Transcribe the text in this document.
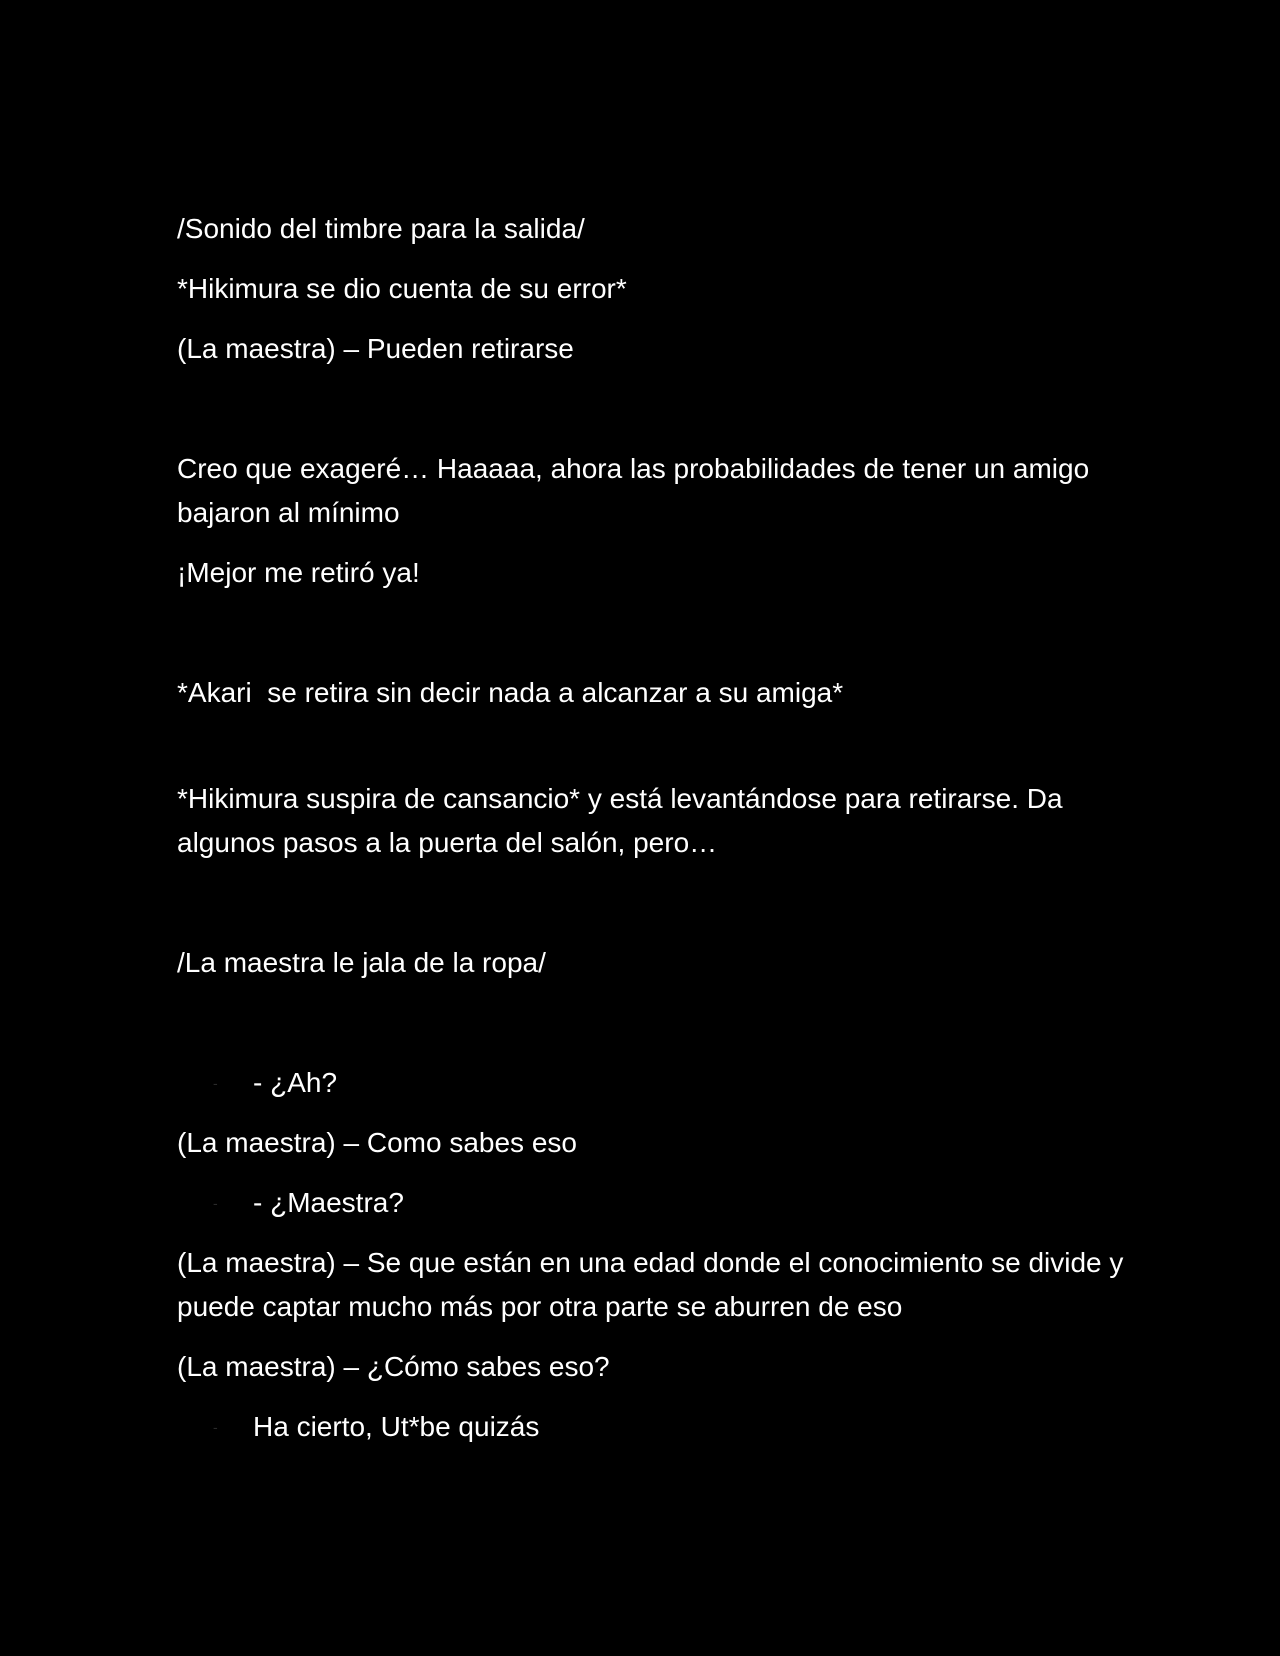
/Sonido del timbre para la salida/

*Hikimura se dio cuenta de su error*

(La maestra) – Pueden retirarse

Creo que exageré… Haaaaa, ahora las probabilidades de tener un amigo bajaron al mínimo

¡Mejor me retiró ya!

*Akari  se retira sin decir nada a alcanzar a su amiga*

*Hikimura suspira de cansancio* y está levantándose para retirarse. Da algunos pasos a la puerta del salón, pero…

/La maestra le jala de la ropa/

- - ¿Ah?

(La maestra) – Como sabes eso

- - ¿Maestra?

(La maestra) – Se que están en una edad donde el conocimiento se divide y puede captar mucho más por otra parte se aburren de eso

(La maestra) – ¿Cómo sabes eso?

- Ha cierto, Ut*be quizás
